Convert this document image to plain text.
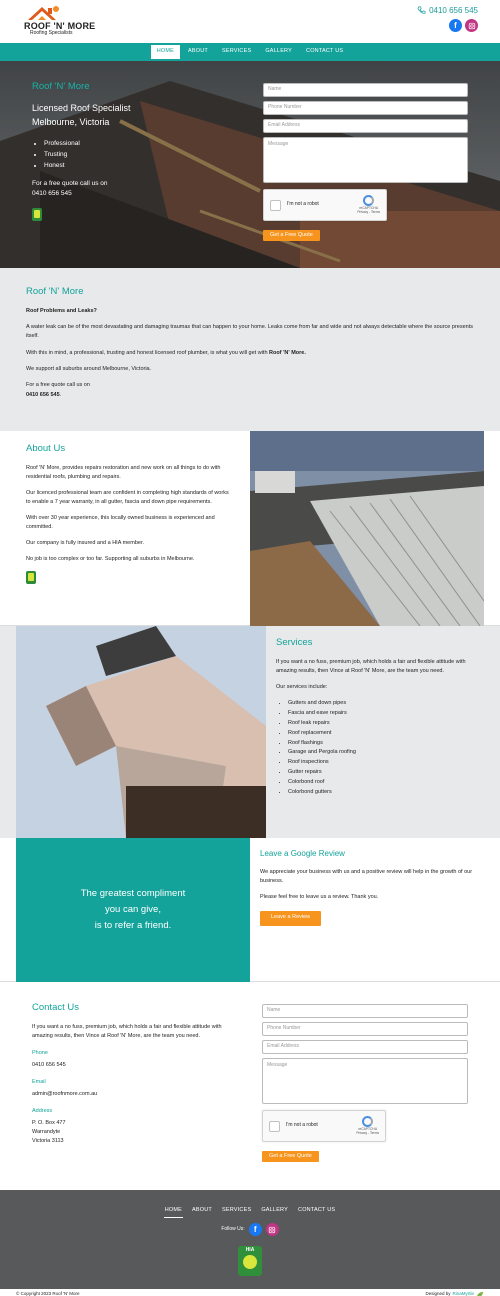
ROOF 'N' MORE
Roofing Specialists
0410 656 545
f
HOME	ABOUT	SERVICES	GALLERY	CONTACT US
Roof 'N' More
Licensed Roof Specialist
Melbourne, Victoria
• Professional
• Trusting
• Honest
For a free quote call us on
0410 656 545
Name
Phone Number
Email Address
Message
I'm not a robot
reCAPTCHA
Privacy - Terms
Get a Free Quote
Roof 'N' More

Roof Problems and Leaks?

A water leak can be of the most devastating and damaging traumas that can happen to your home. Leaks come from far and wide and not always detectable where the source presents itself.

With this in mind, a professional, trusting and honest licensed roof plumber, is what you will get with Roof 'N' More.

We support all suburbs around Melbourne, Victoria.

For a free quote call us on
0410 656 545.

About Us

Roof 'N' More, provides repairs restoration and new work on all things to do with residential roofs, plumbing and repairs.

Our licenced professional team are confident in completing high standards of works to enable a 7 year warranty, in all gutter, fascia and down pipe requirements.

With over 30 year experience, this locally owned business is experienced and committed.

Our company is fully insured and a HIA member.

No job is too complex or too far. Supporting all suburbs in Melbourne.

Services

If you want a no fuss, premium job, which holds a fair and flexible attitude with amazing results, then Vince at Roof 'N' More, are the team you need.

Our services include:

• Gutters and down pipes
• Fascia and eave repairs
• Roof leak repairs
• Roof replacement
• Roof flashings
• Garage and Pergola roofing
• Roof inspections
• Gutter repairs
• Colorbond roof
• Colorbond gutters
The greatest compliment
you can give,
is to refer a friend.
Leave a Google Review

We appreciate your business with us and a positive review will help in the growth of our business.

Please feel free to leave us a review. Thank you.

Leave a Review
Contact Us

If you want a no fuss, premium job, which holds a fair and flexible attitude with amazing results, then Vince at Roof 'N' More, are the team you need.

Phone
0410 656 545
Email
admin@roofnmore.com.au
Address
P. O. Box 477
Warrandyte
Victoria 3113
Name
Phone Number
Email Address
Message
I'm not a robot
reCAPTCHA
Privacy - Terms
Get a Free Quote
HOME ABOUT SERVICES GALLERY CONTACT US
Follow Us:	f
HIA
© Copyright 2023 Roof 'N' More	Designed by RinaMyrtle
